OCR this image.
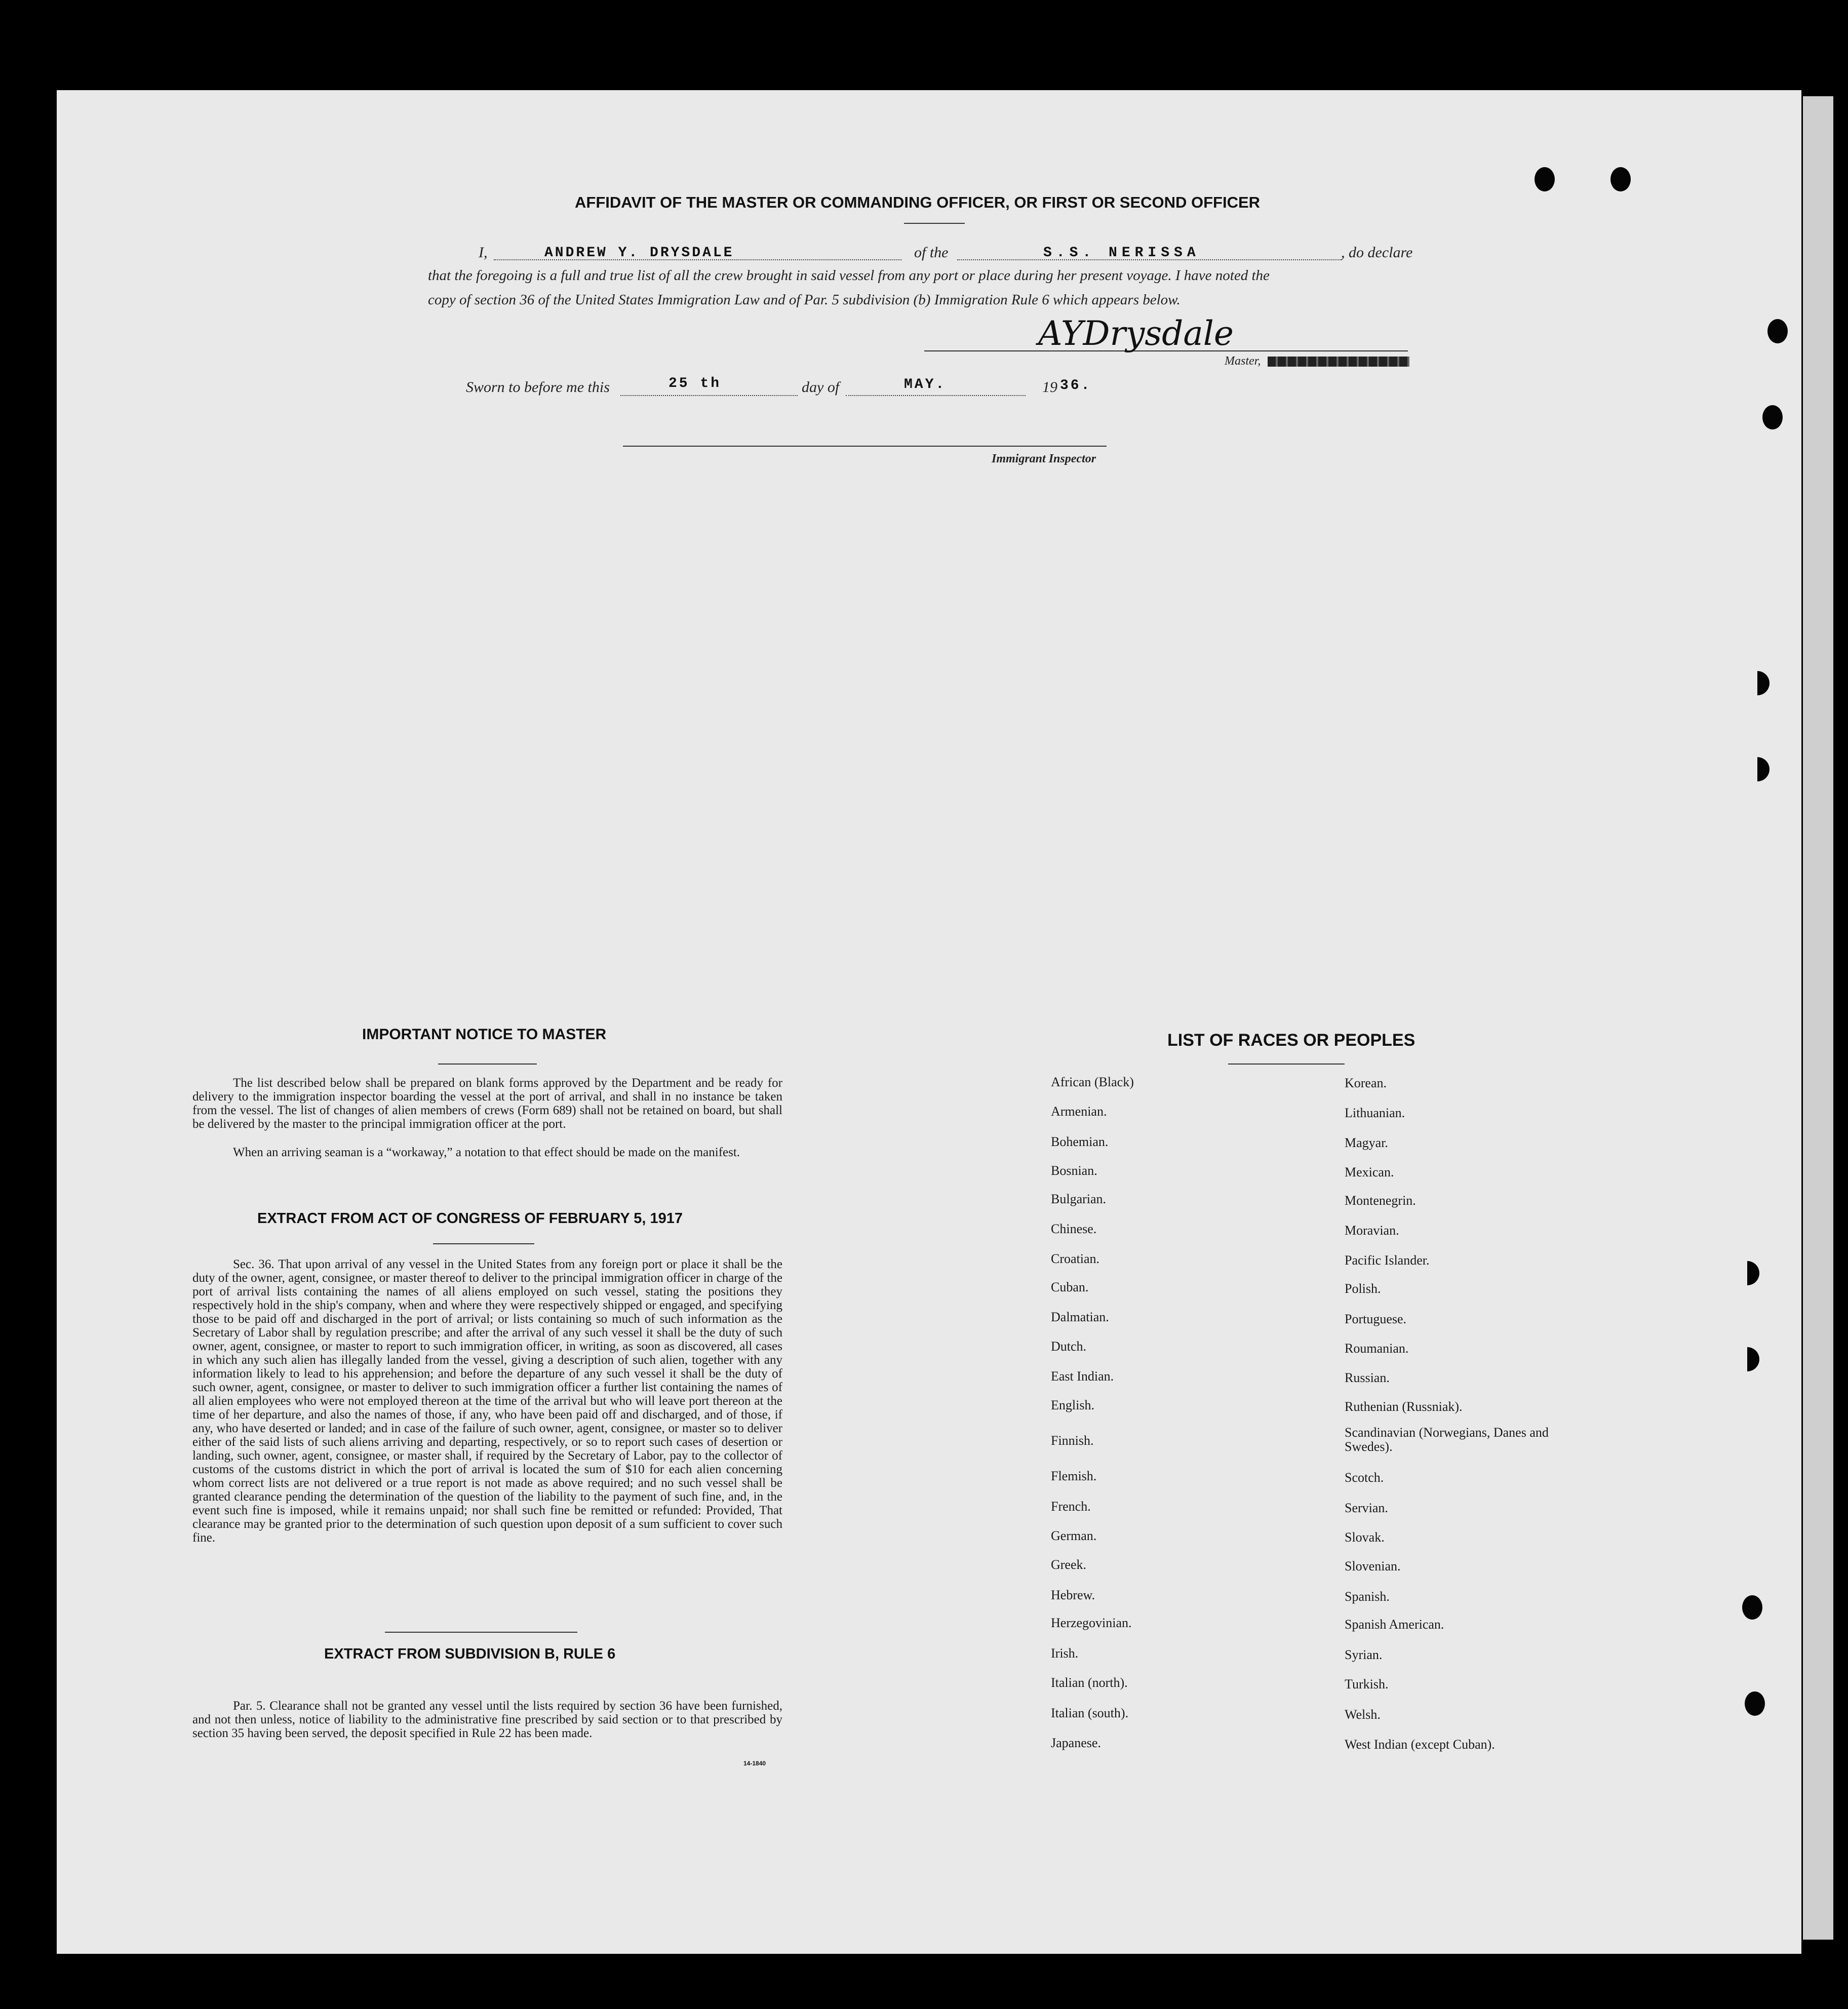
AFFIDAVIT OF THE MASTER OR COMMANDING OFFICER, OR FIRST OR SECOND OFFICER
I,	ANDREW Y. DRYSDALE	of the	S.S. NERISSA	, do declare
that the foregoing is a full and true list of all the crew brought in said vessel from any port or place during her present voyage. I have noted the
copy of section 36 of the United States Immigration Law and of Par. 5 subdivision (b) Immigration Rule 6 which appears below.
AYDrysdale
Master,
Sworn to before me this	25 th	day of	MAY.	19 36.
Immigrant Inspector
IMPORTANT NOTICE TO MASTER
The list described below shall be prepared on blank forms approved by the Department and be ready for delivery to the immigration inspector boarding the vessel at the port of arrival, and shall in no instance be taken from the vessel. The list of changes of alien members of crews (Form 689) shall not be retained on board, but shall be delivered by the master to the principal immigration officer at the port.
When an arriving seaman is a “workaway,” a notation to that effect should be made on the manifest.
EXTRACT FROM ACT OF CONGRESS OF FEBRUARY 5, 1917
Sec. 36. That upon arrival of any vessel in the United States from any foreign port or place it shall be the duty of the owner, agent, consignee, or master thereof to deliver to the principal immigration officer in charge of the port of arrival lists containing the names of all aliens employed on such vessel, stating the positions they respectively hold in the ship's company, when and where they were respectively shipped or engaged, and specifying those to be paid off and discharged in the port of arrival; or lists containing so much of such information as the Secretary of Labor shall by regulation prescribe; and after the arrival of any such vessel it shall be the duty of such owner, agent, consignee, or master to report to such immigration officer, in writing, as soon as discovered, all cases in which any such alien has illegally landed from the vessel, giving a description of such alien, together with any information likely to lead to his apprehension; and before the departure of any such vessel it shall be the duty of such owner, agent, consignee, or master to deliver to such immigration officer a further list containing the names of all alien employees who were not employed thereon at the time of the arrival but who will leave port thereon at the time of her departure, and also the names of those, if any, who have been paid off and discharged, and of those, if any, who have deserted or landed; and in case of the failure of such owner, agent, consignee, or master so to deliver either of the said lists of such aliens arriving and departing, respectively, or so to report such cases of desertion or landing, such owner, agent, consignee, or master shall, if required by the Secretary of Labor, pay to the collector of customs of the customs district in which the port of arrival is located the sum of $10 for each alien concerning whom correct lists are not delivered or a true report is not made as above required; and no such vessel shall be granted clearance pending the determination of the question of the liability to the payment of such fine, and, in the event such fine is imposed, while it remains unpaid; nor shall such fine be remitted or refunded: Provided, That clearance may be granted prior to the determination of such question upon deposit of a sum sufficient to cover such fine.
EXTRACT FROM SUBDIVISION B, RULE 6
Par. 5. Clearance shall not be granted any vessel until the lists required by section 36 have been furnished, and not then unless, notice of liability to the administrative fine prescribed by said section or to that prescribed by section 35 having been served, the deposit specified in Rule 22 has been made.
14-1840
LIST OF RACES OR PEOPLES
African (Black)
Armenian.
Bohemian.
Bosnian.
Bulgarian.
Chinese.
Croatian.
Cuban.
Dalmatian.
Dutch.
East Indian.
English.
Finnish.
Flemish.
French.
German.
Greek.
Hebrew.
Herzegovinian.
Irish.
Italian (north).
Italian (south).
Japanese.
Korean.
Lithuanian.
Magyar.
Mexican.
Montenegrin.
Moravian.
Pacific Islander.
Polish.
Portuguese.
Roumanian.
Russian.
Ruthenian (Russniak).
Scandinavian (Norwegians, Danes and Swedes).
Scotch.
Servian.
Slovak.
Slovenian.
Spanish.
Spanish American.
Syrian.
Turkish.
Welsh.
West Indian (except Cuban).
